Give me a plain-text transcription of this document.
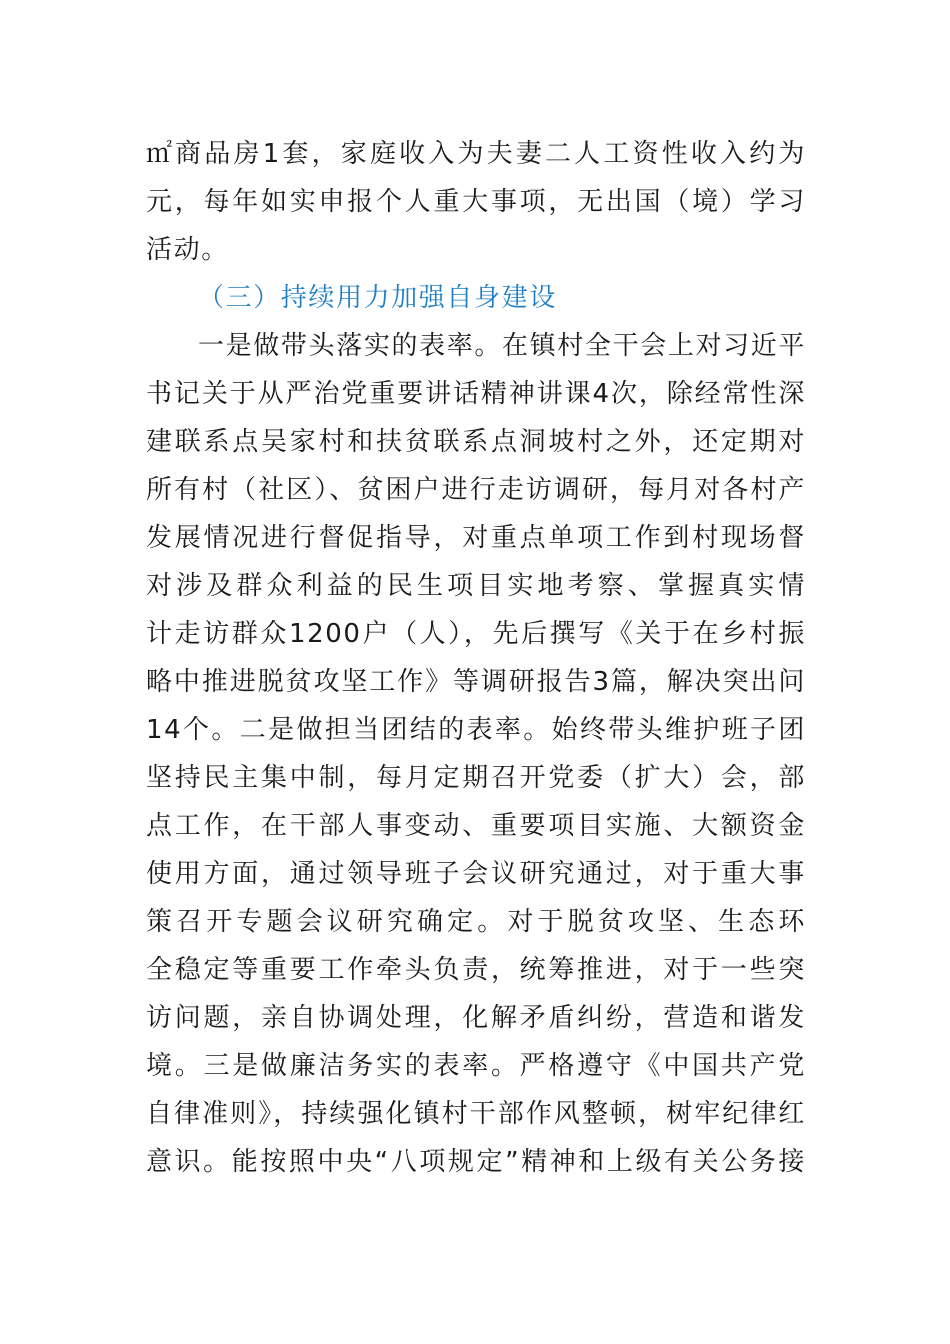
㎡商品房1套，家庭收入为夫妻二人工资性收入约为
元，每年如实申报个人重大事项，无出国（境）学习
活动。
（三）持续用力加强自身建设
一是做带头落实的表率。在镇村全干会上对习近平
书记关于从严治党重要讲话精神讲课4次，除经常性深
建联系点吴家村和扶贫联系点洞坡村之外，还定期对
所有村（社区）、贫困户进行走访调研，每月对各村产
发展情况进行督促指导，对重点单项工作到村现场督
对涉及群众利益的民生项目实地考察、掌握真实情
计走访群众1200户（人），先后撰写《关于在乡村振
略中推进脱贫攻坚工作》等调研报告3篇，解决突出问
14个。二是做担当团结的表率。始终带头维护班子团
坚持民主集中制，每月定期召开党委（扩大）会，部
点工作，在干部人事变动、重要项目实施、大额资金
使用方面，通过领导班子会议研究通过，对于重大事
策召开专题会议研究确定。对于脱贫攻坚、生态环
全稳定等重要工作牵头负责，统筹推进，对于一些突
访问题，亲自协调处理，化解矛盾纠纷，营造和谐发
境。三是做廉洁务实的表率。严格遵守《中国共产党
自律准则》，持续强化镇村干部作风整顿，树牢纪律红
意识。能按照中央“八项规定”精神和上级有关公务接
